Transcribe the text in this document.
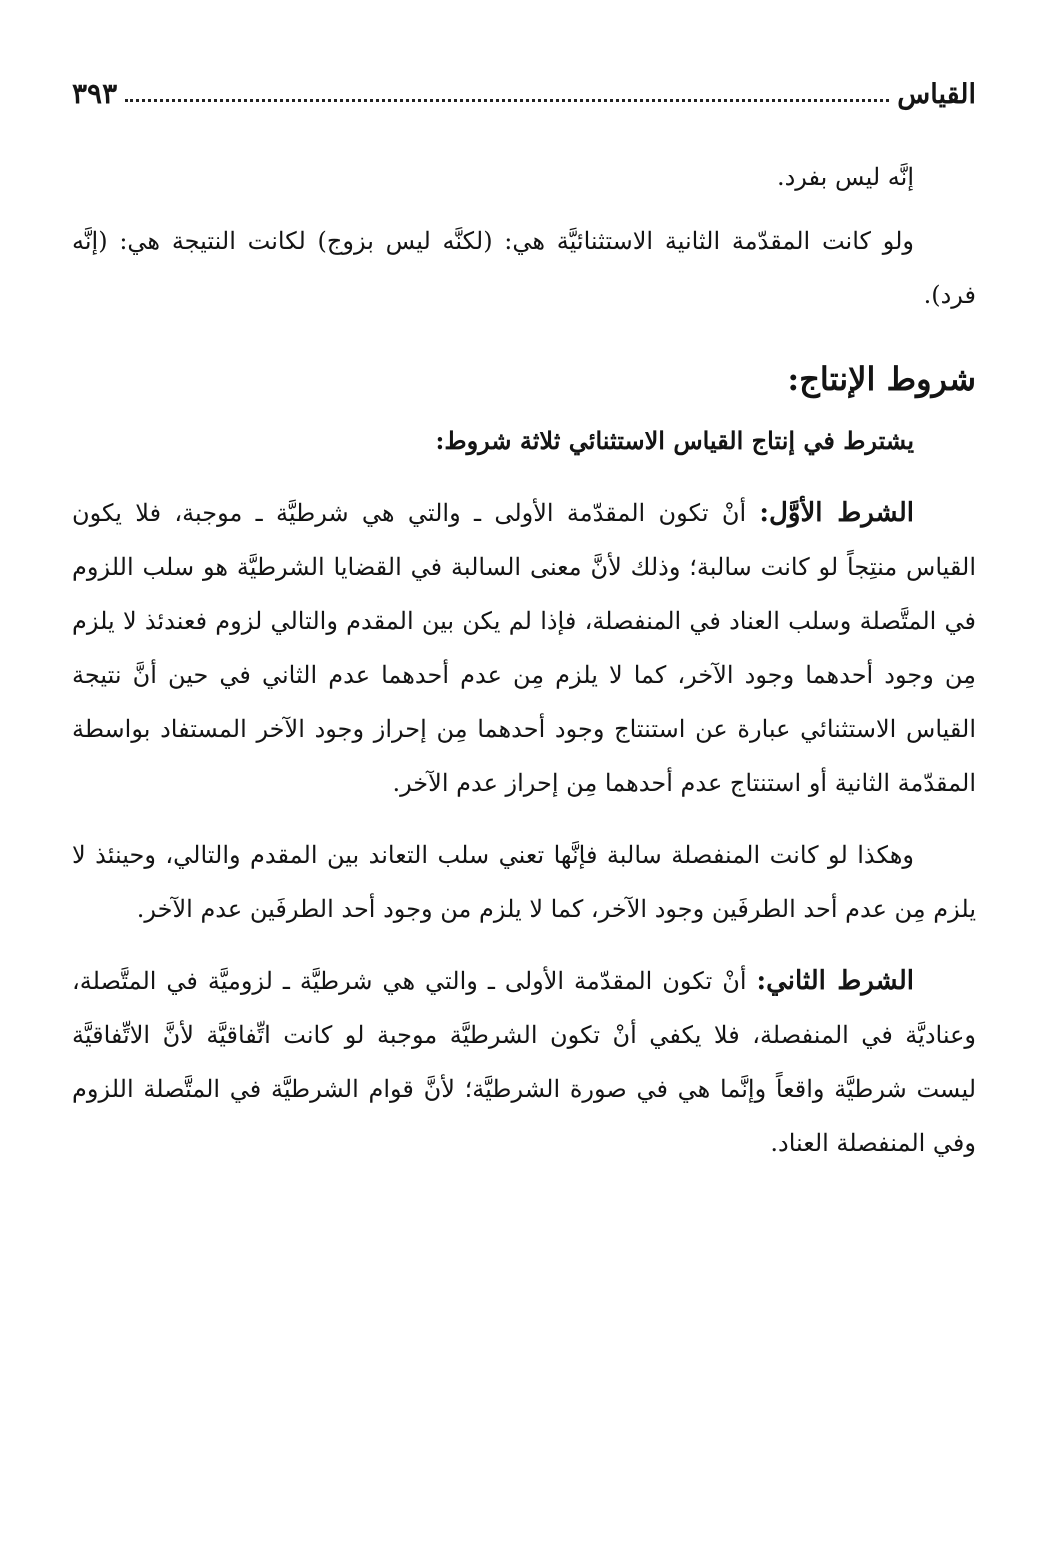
القياس
٣٩٣

إنَّه ليس بفرد.

ولو كانت المقدّمة الثانية الاستثنائيَّة هي: (لكنَّه ليس بزوج) لكانت النتيجة هي: (إنَّه فرد).

شروط الإنتاج:

يشترط في إنتاج القياس الاستثنائي ثلاثة شروط:

الشرط الأوَّل: أنْ تكون المقدّمة الأولى ـ والتي هي شرطيَّة ـ موجبة، فلا يكون القياس منتِجاً لو كانت سالبة؛ وذلك لأنَّ معنى السالبة في القضايا الشرطيَّة هو سلب اللزوم في المتَّصلة وسلب العناد في المنفصلة، فإذا لم يكن بين المقدم والتالي لزوم فعندئذ لا يلزم مِن وجود أحدهما وجود الآخر، كما لا يلزم مِن عدم أحدهما عدم الثاني في حين أنَّ نتيجة القياس الاستثنائي عبارة عن استنتاج وجود أحدهما مِن إحراز وجود الآخر المستفاد بواسطة المقدّمة الثانية أو استنتاج عدم أحدهما مِن إحراز عدم الآخر.

وهكذا لو كانت المنفصلة سالبة فإنَّها تعني سلب التعاند بين المقدم والتالي، وحينئذ لا يلزم مِن عدم أحد الطرفَين وجود الآخر، كما لا يلزم من وجود أحد الطرفَين عدم الآخر.

الشرط الثاني: أنْ تكون المقدّمة الأولى ـ والتي هي شرطيَّة ـ لزوميَّة في المتَّصلة، وعناديَّة في المنفصلة، فلا يكفي أنْ تكون الشرطيَّة موجبة لو كانت اتِّفاقيَّة لأنَّ الاتِّفاقيَّة ليست شرطيَّة واقعاً وإنَّما هي في صورة الشرطيَّة؛ لأنَّ قوام الشرطيَّة في المتَّصلة اللزوم وفي المنفصلة العناد.
